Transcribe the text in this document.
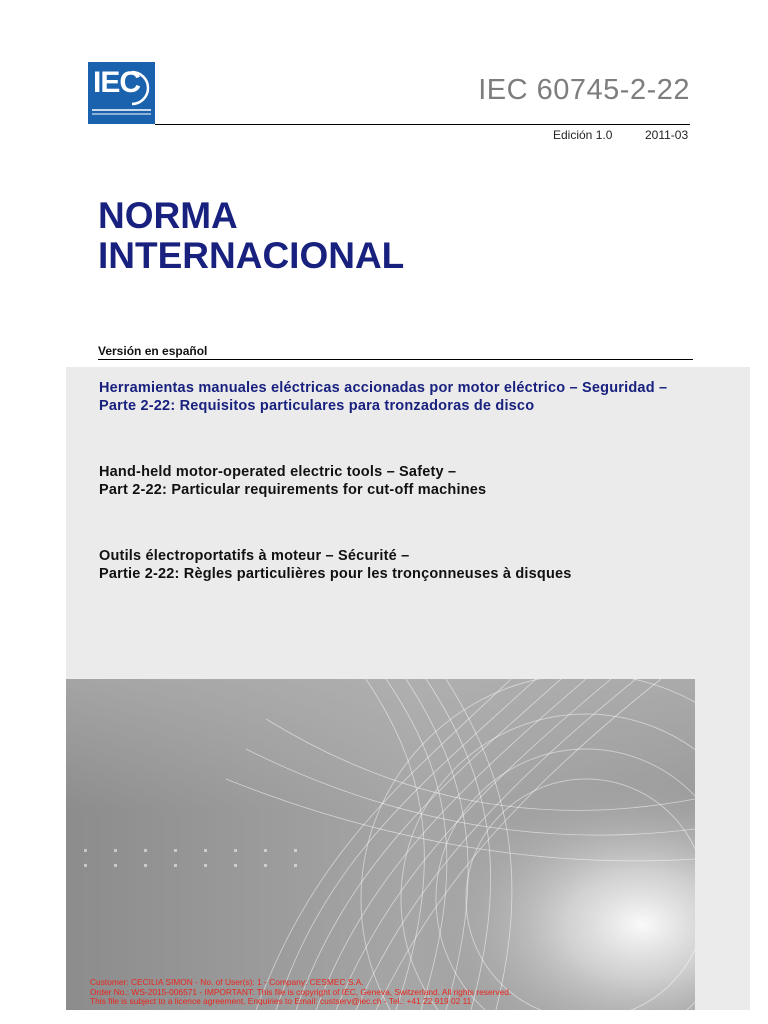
IEC	IEC 60745-2-22
Edición 1.0	2011-03
NORMA
INTERNACIONAL
Versión en español
Herramientas manuales eléctricas accionadas por motor eléctrico – Seguridad –
Parte 2-22: Requisitos particulares para tronzadoras de disco
Hand-held motor-operated electric tools – Safety –
Part 2-22: Particular requirements for cut-off machines
Outils électroportatifs à moteur – Sécurité –
Partie 2-22: Règles particulières pour les tronçonneuses à disques
Customer: CECILIA SIMON - No. of User(s): 1 - Company: CESMEC S.A.
Order No.: WS-2015-006571 - IMPORTANT: This file is copyright of IEC, Geneva, Switzerland. All rights reserved.
This file is subject to a licence agreement. Enquiries to Email: custserv@iec.ch - Tel.: +41 22 919 02 11
